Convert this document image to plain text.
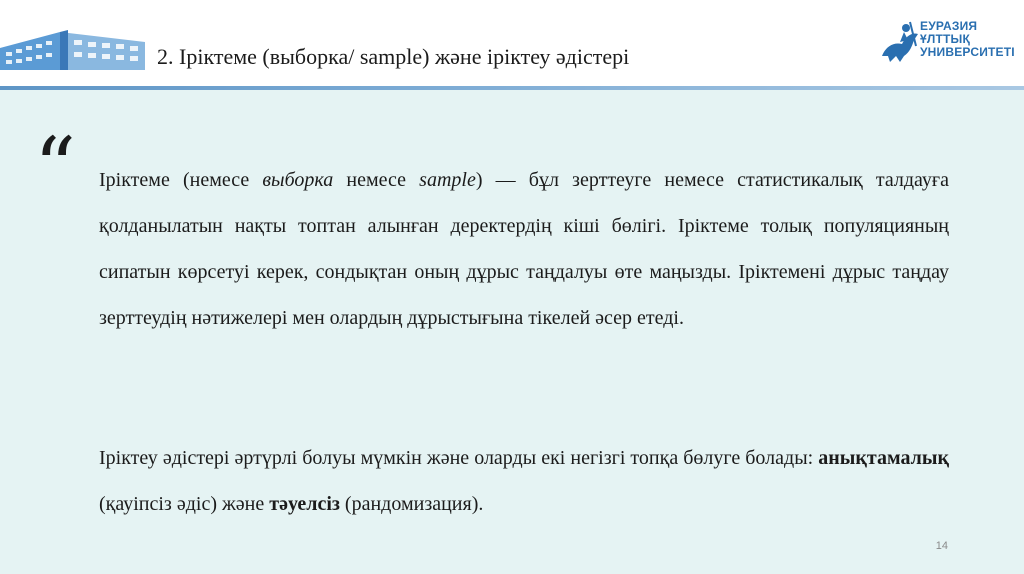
2. Іріктеме (выборка/ sample) және іріктеу әдістері
ЕУРАЗИЯ
ҰЛТТЫҚ
УНИВЕРСИТЕТІ
“ Іріктеме (немесе выборка немесе sample) — бұл зерттеуге немесе статистикалық талдауға қолданылатын нақты топтан алынған деректердің кіші бөлігі. Іріктеме толық популяцияның сипатын көрсетуі керек, сондықтан оның дұрыс таңдалуы өте маңызды. Іріктемені дұрыс таңдау зерттеудің нәтижелері мен олардың дұрыстығына тікелей әсер етеді.

Іріктеу әдістері әртүрлі болуы мүмкін және оларды екі негізгі топқа бөлуге болады: анықтамалық (қауіпсіз әдіс) және тәуелсіз (рандомизация).

14
